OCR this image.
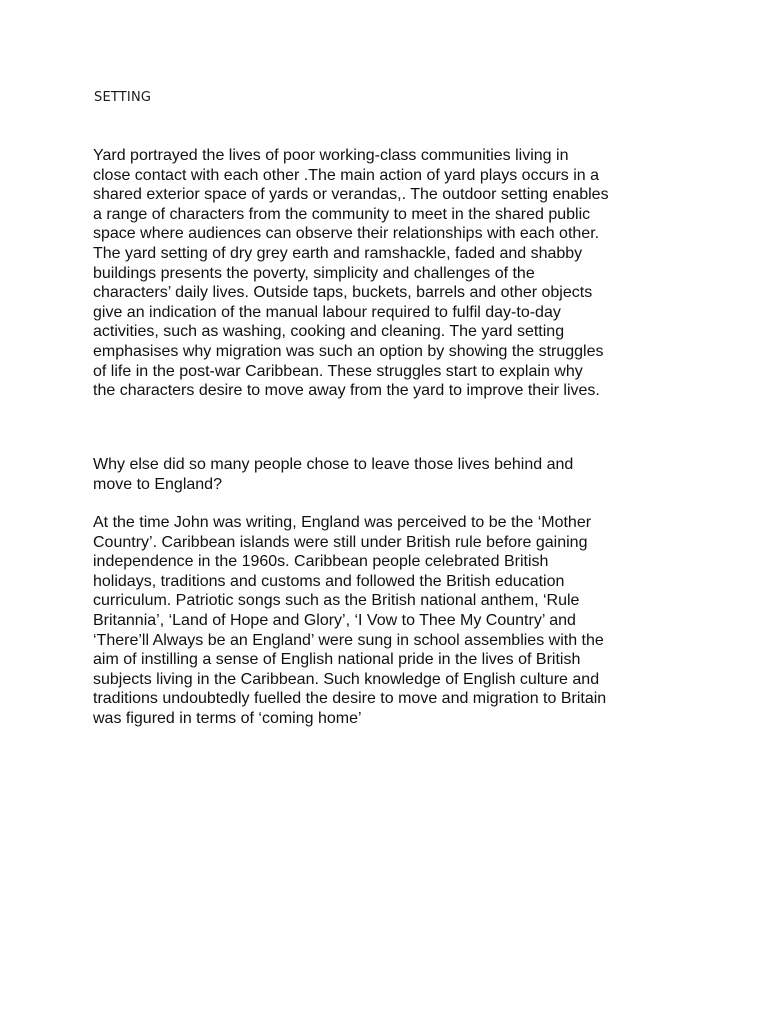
SETTING
Yard portrayed the lives of poor working-class communities living in
close contact with each other .The main action of yard plays occurs in a
shared exterior space of yards or verandas,. The outdoor setting enables
a range of characters from the community to meet in the shared public
space where audiences can observe their relationships with each other.
The yard setting of dry grey earth and ramshackle, faded and shabby
buildings presents the poverty, simplicity and challenges of the
characters’ daily lives. Outside taps, buckets, barrels and other objects
give an indication of the manual labour required to fulfil day-to-day
activities, such as washing, cooking and cleaning. The yard setting
emphasises why migration was such an option by showing the struggles
of life in the post-war Caribbean. These struggles start to explain why
the characters desire to move away from the yard to improve their lives.
Why else did so many people chose to leave those lives behind and
move to England?
At the time John was writing, England was perceived to be the ‘Mother
Country’. Caribbean islands were still under British rule before gaining
independence in the 1960s. Caribbean people celebrated British
holidays, traditions and customs and followed the British education
curriculum. Patriotic songs such as the British national anthem, ‘Rule
Britannia’, ‘Land of Hope and Glory’, ‘I Vow to Thee My Country’ and
‘There’ll Always be an England’ were sung in school assemblies with the
aim of instilling a sense of English national pride in the lives of British
subjects living in the Caribbean. Such knowledge of English culture and
traditions undoubtedly fuelled the desire to move and migration to Britain
was figured in terms of ‘coming home’
